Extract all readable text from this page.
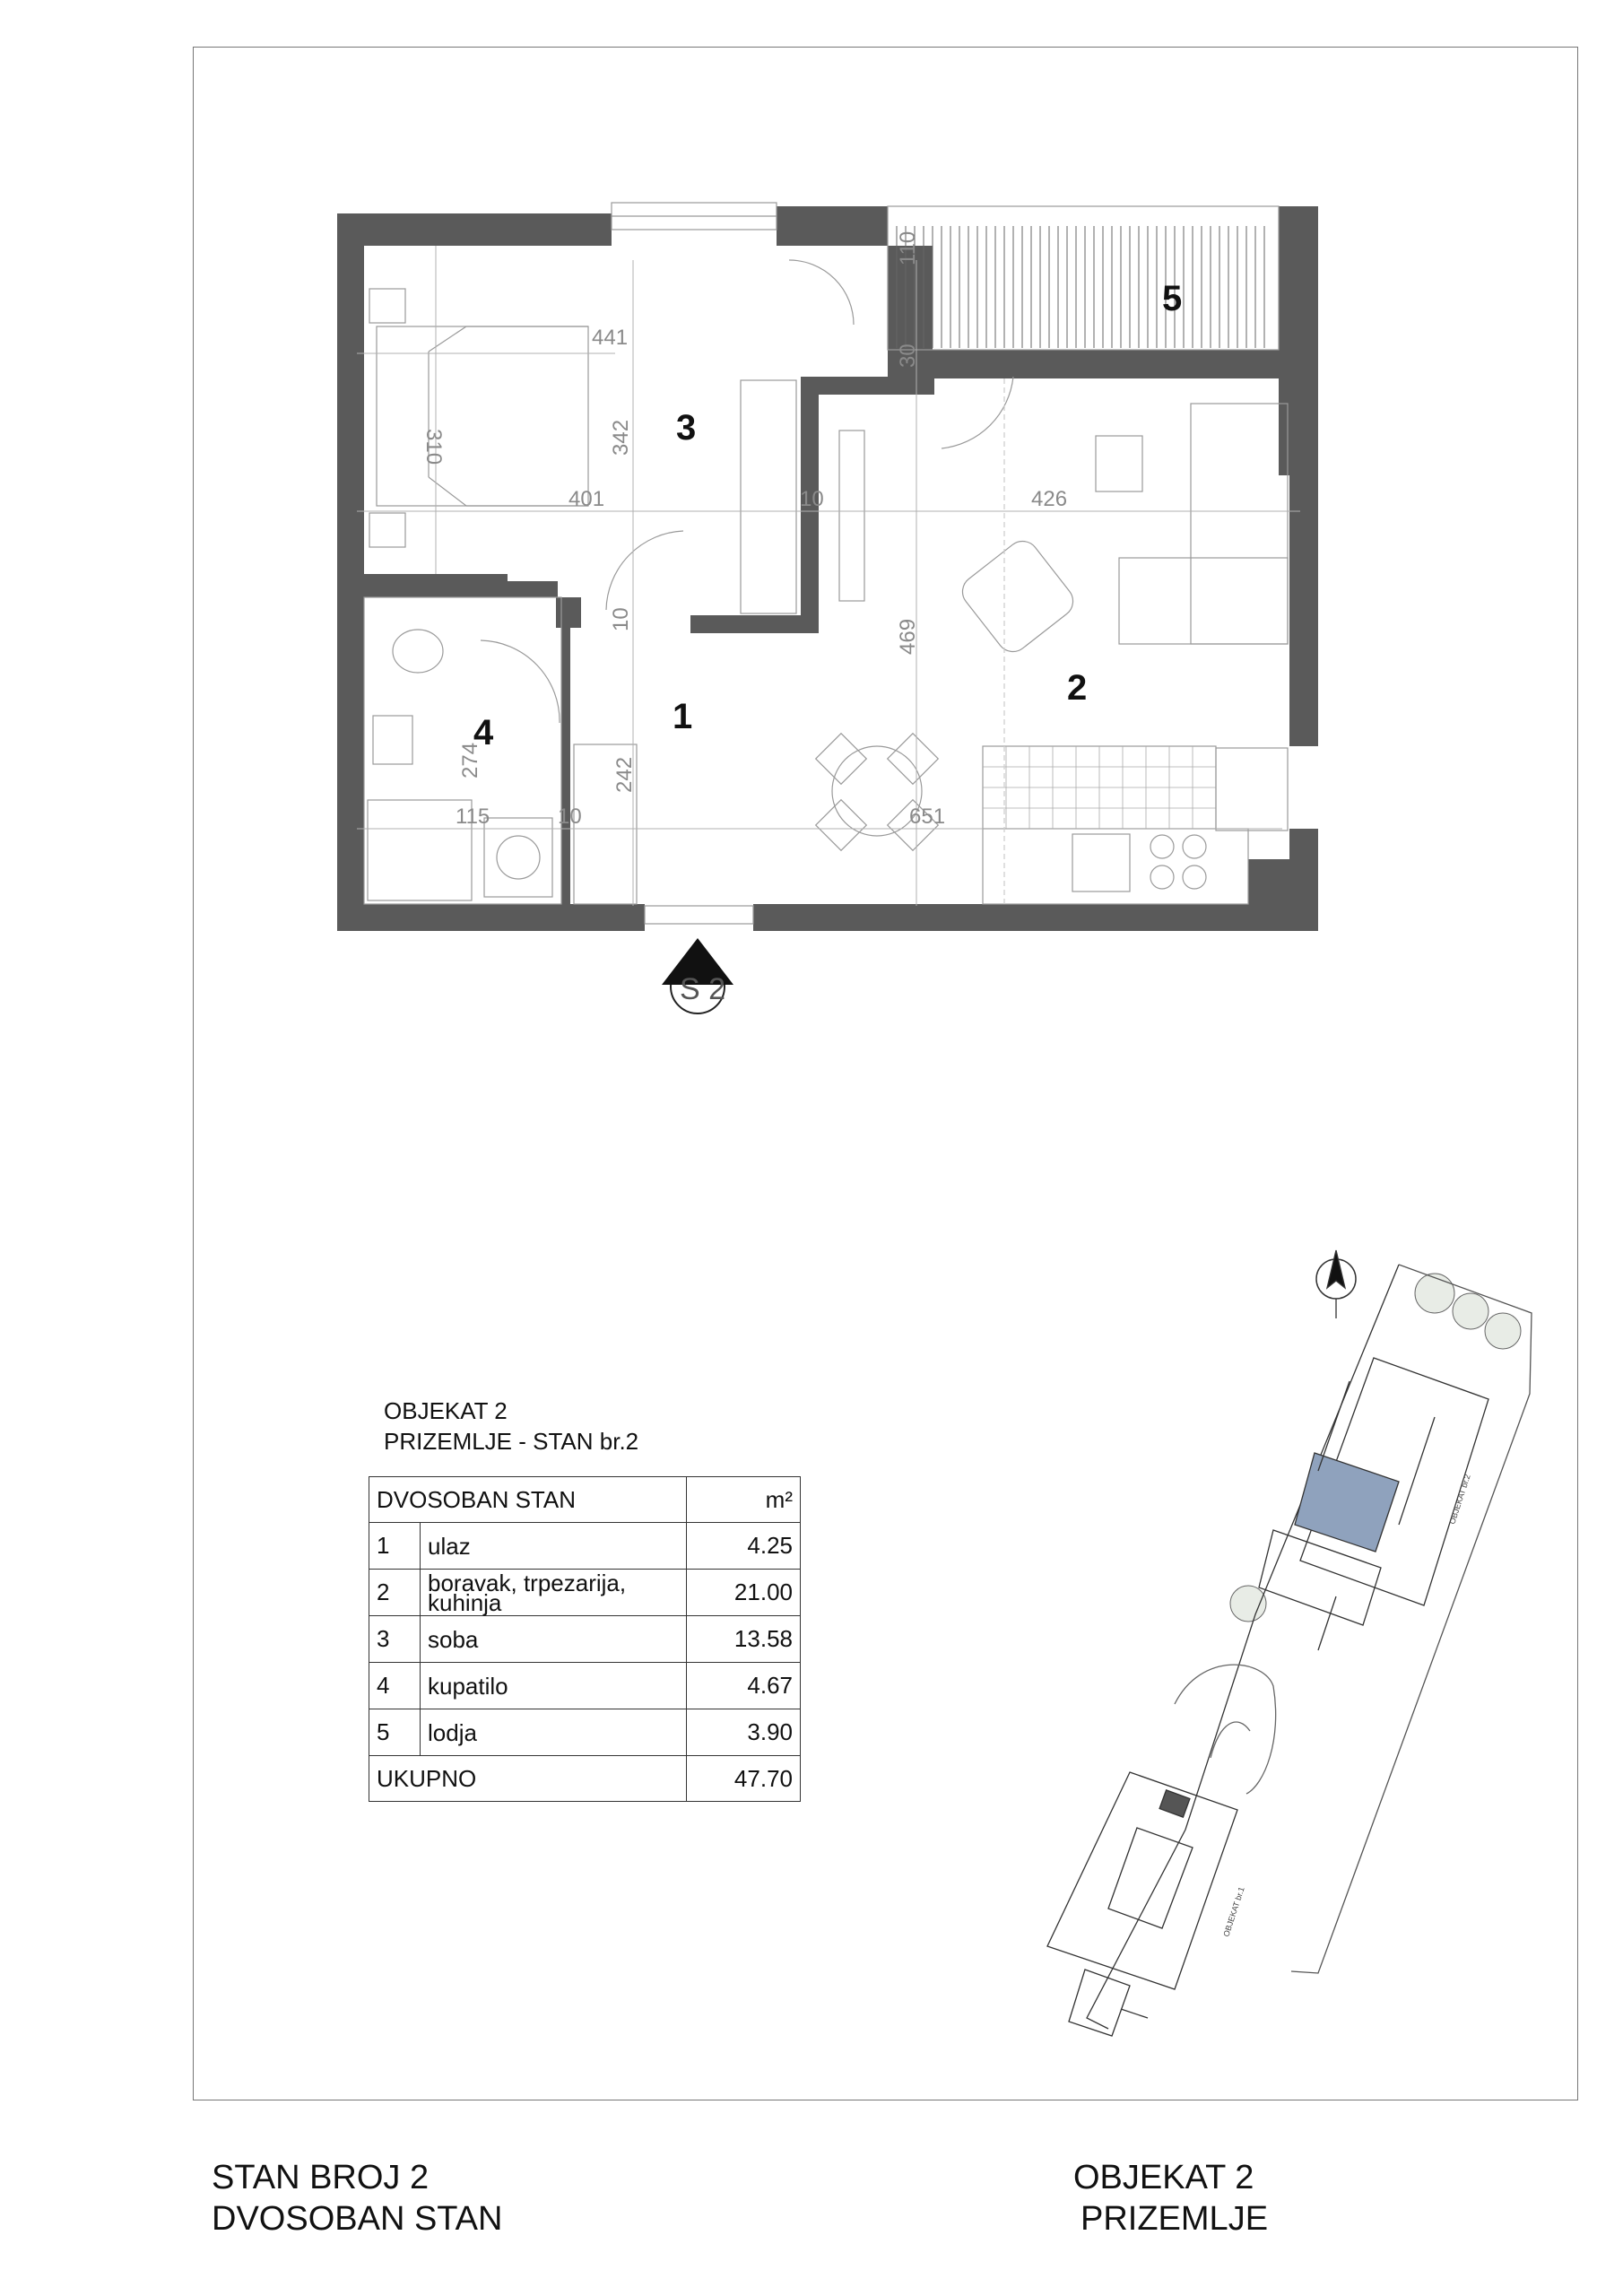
1
2
3
4
5
441
342
310
401	10	426
469
10
274	242
115	10	651
110
30
S 2
OBJEKAT br.2
OBJEKAT br.1
OBJEKAT 2
PRIZEMLJE - STAN br.2
DVOSOBAN STAN		m²
1	ulaz	4.25
2	boravak, trpezarija, kuhinja	21.00
3	soba	13.58
4	kupatilo	4.67
5	lodja	3.90
UKUPNO		47.70
STAN BROJ 2
DVOSOBAN STAN
OBJEKAT 2
PRIZEMLJE
